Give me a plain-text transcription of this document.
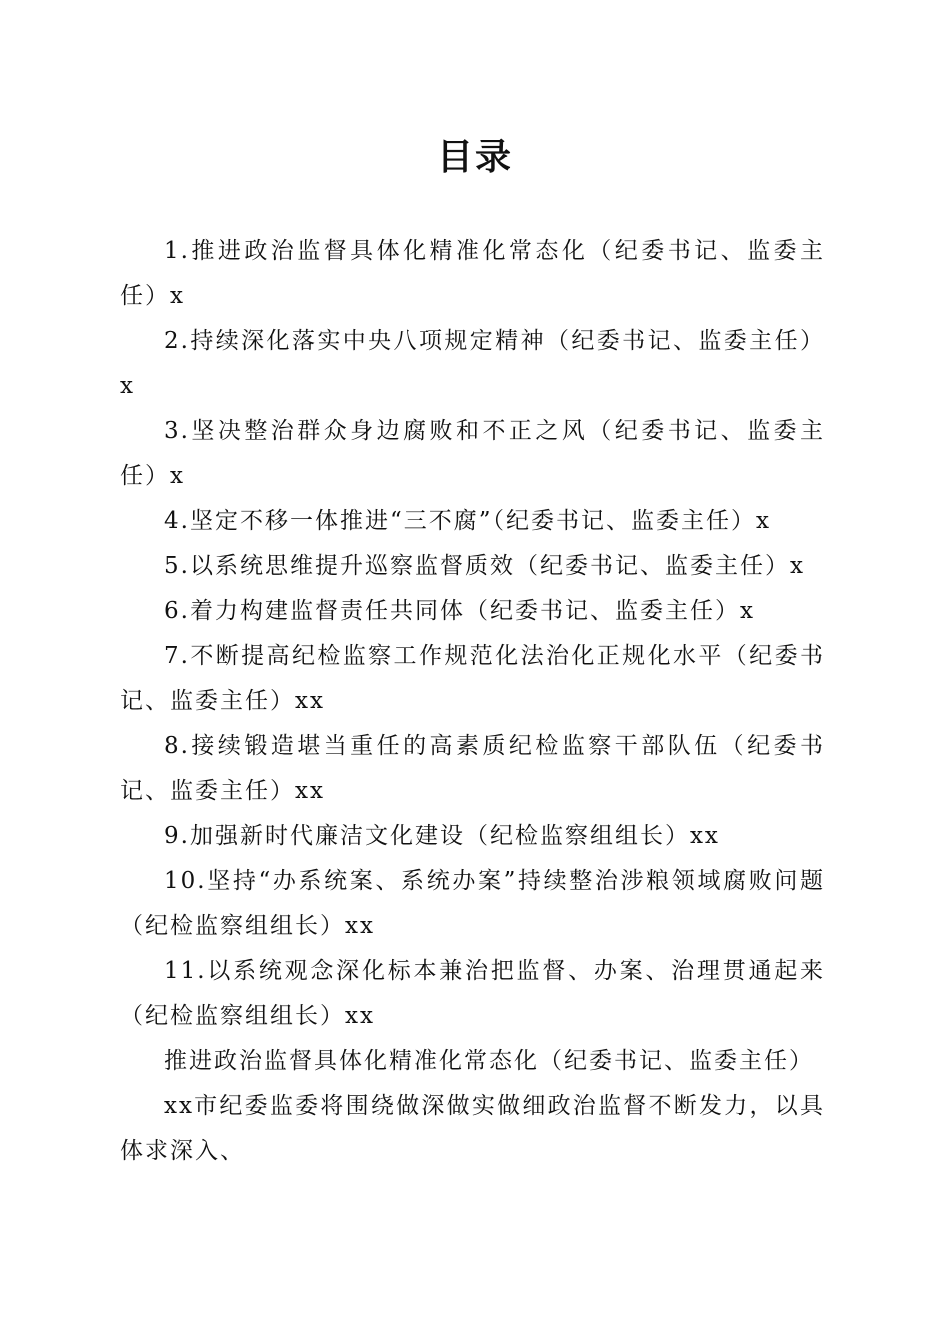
目录

1.推进政治监督具体化精准化常态化（纪委书记、监委主任）x

2.持续深化落实中央八项规定精神（纪委书记、监委主任）x

3.坚决整治群众身边腐败和不正之风（纪委书记、监委主任）x

4.坚定不移一体推进“三不腐”（纪委书记、监委主任）x

5.以系统思维提升巡察监督质效（纪委书记、监委主任）x

6.着力构建监督责任共同体（纪委书记、监委主任）x

7.不断提高纪检监察工作规范化法治化正规化水平（纪委书记、监委主任）xx

8.接续锻造堪当重任的高素质纪检监察干部队伍（纪委书记、监委主任）xx

9.加强新时代廉洁文化建设（纪检监察组组长）xx

10.坚持“办系统案、系统办案”持续整治涉粮领域腐败问题（纪检监察组组长）xx

11.以系统观念深化标本兼治把监督、办案、治理贯通起来（纪检监察组组长）xx

推进政治监督具体化精准化常态化（纪委书记、监委主任）

xx市纪委监委将围绕做深做实做细政治监督不断发力，以具体求深入、
